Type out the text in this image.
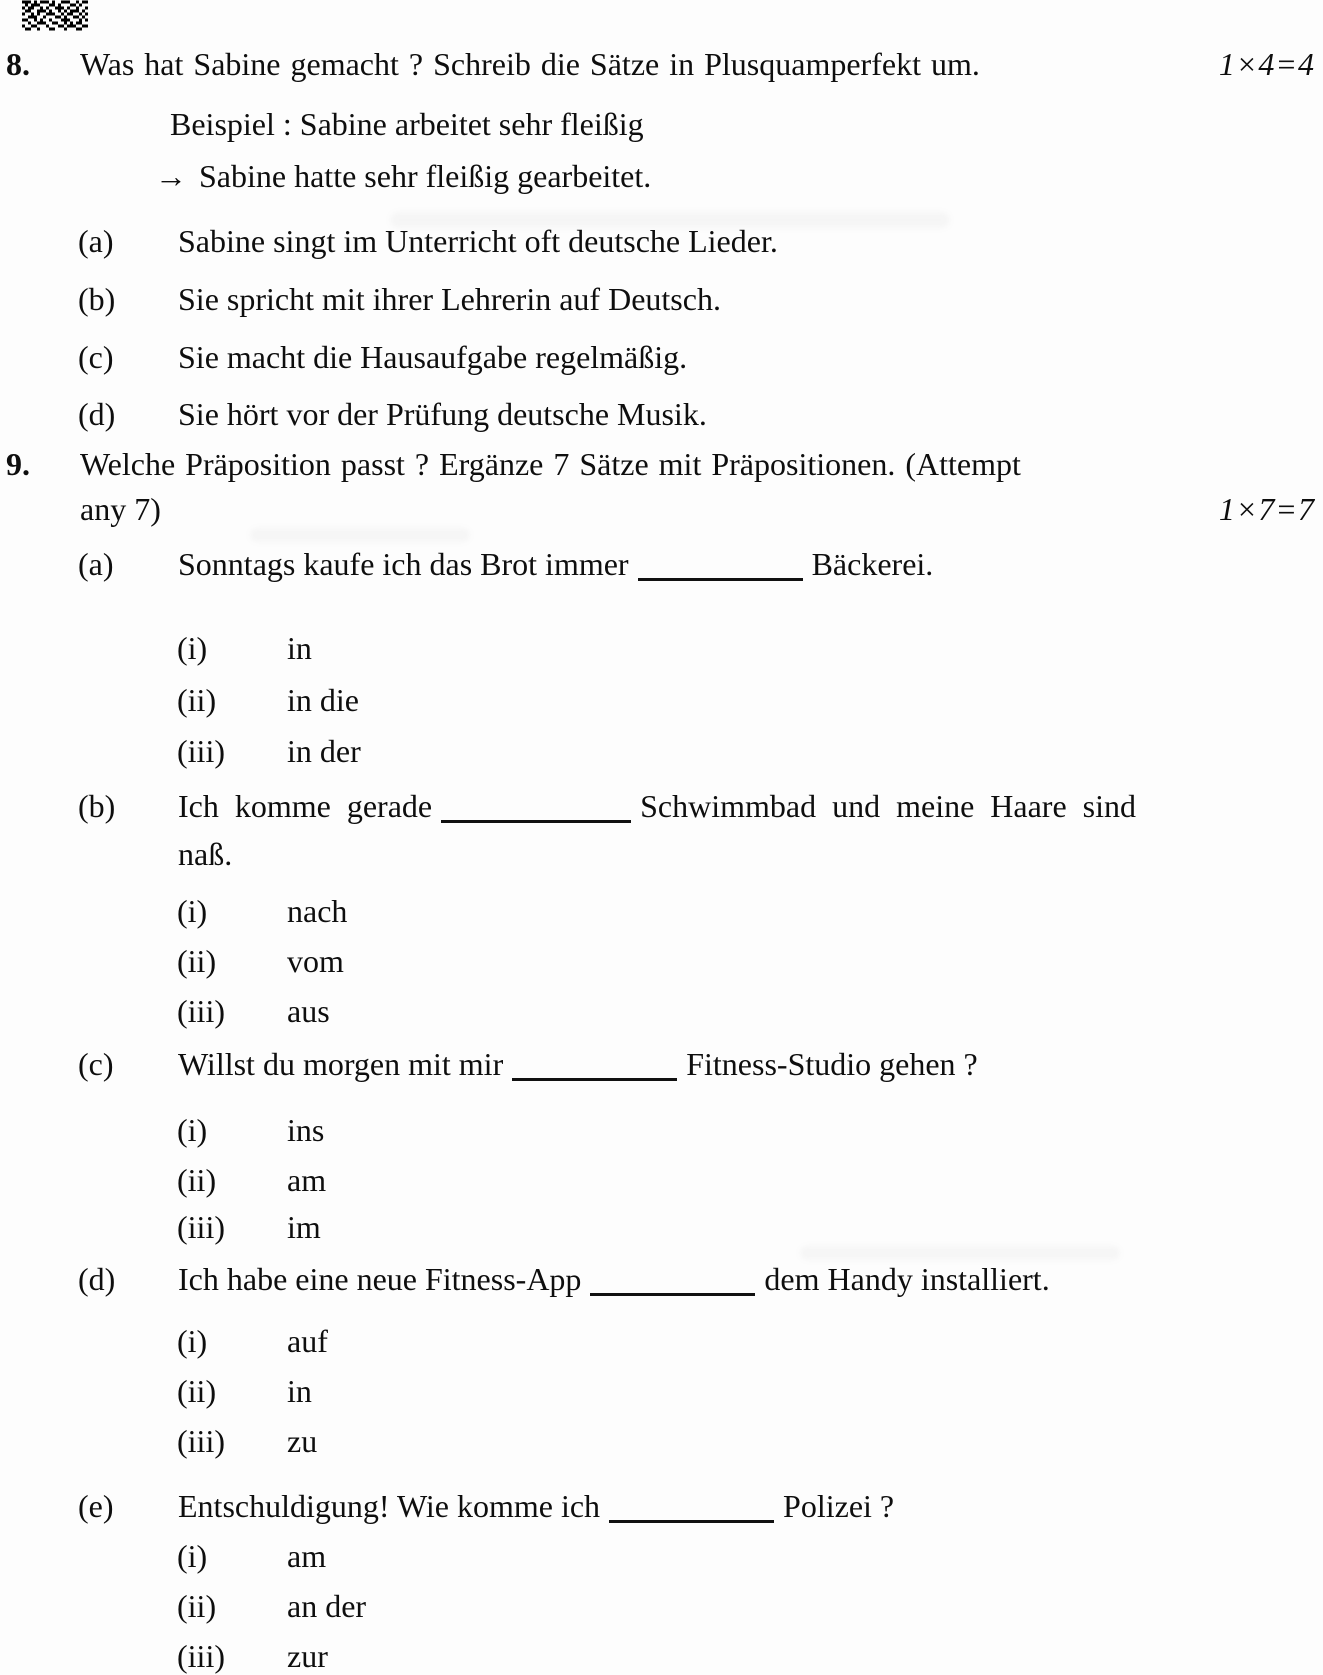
8.	Was hat Sabine gemacht ? Schreib die Sätze in Plusquamperfekt um.	1×4=4
Beispiel : Sabine arbeitet sehr fleißig
→ Sabine hatte sehr fleißig gearbeitet.
(a) Sabine singt im Unterricht oft deutsche Lieder.
(b) Sie spricht mit ihrer Lehrerin auf Deutsch.
(c) Sie macht die Hausaufgabe regelmäßig.
(d) Sie hört vor der Prüfung deutsche Musik.
9.	Welche Präposition passt ? Ergänze 7 Sätze mit Präpositionen. (Attempt
any 7)	1×7=7
(a) Sonntags kaufe ich das Brot immer	Bäckerei.
(i) in
(ii) in die
(iii) in der
(b) Ich komme gerade	Schwimmbad und meine Haare sind
naß.
(i) nach
(ii) vom
(iii) aus
(c) Willst du morgen mit mir	Fitness-Studio gehen ?
(i) ins
(ii) am
(iii) im
(d) Ich habe eine neue Fitness-App	dem Handy installiert.
(i) auf
(ii) in
(iii) zu
(e) Entschuldigung! Wie komme ich	Polizei ?
(i) am
(ii) an der
(iii) zur
